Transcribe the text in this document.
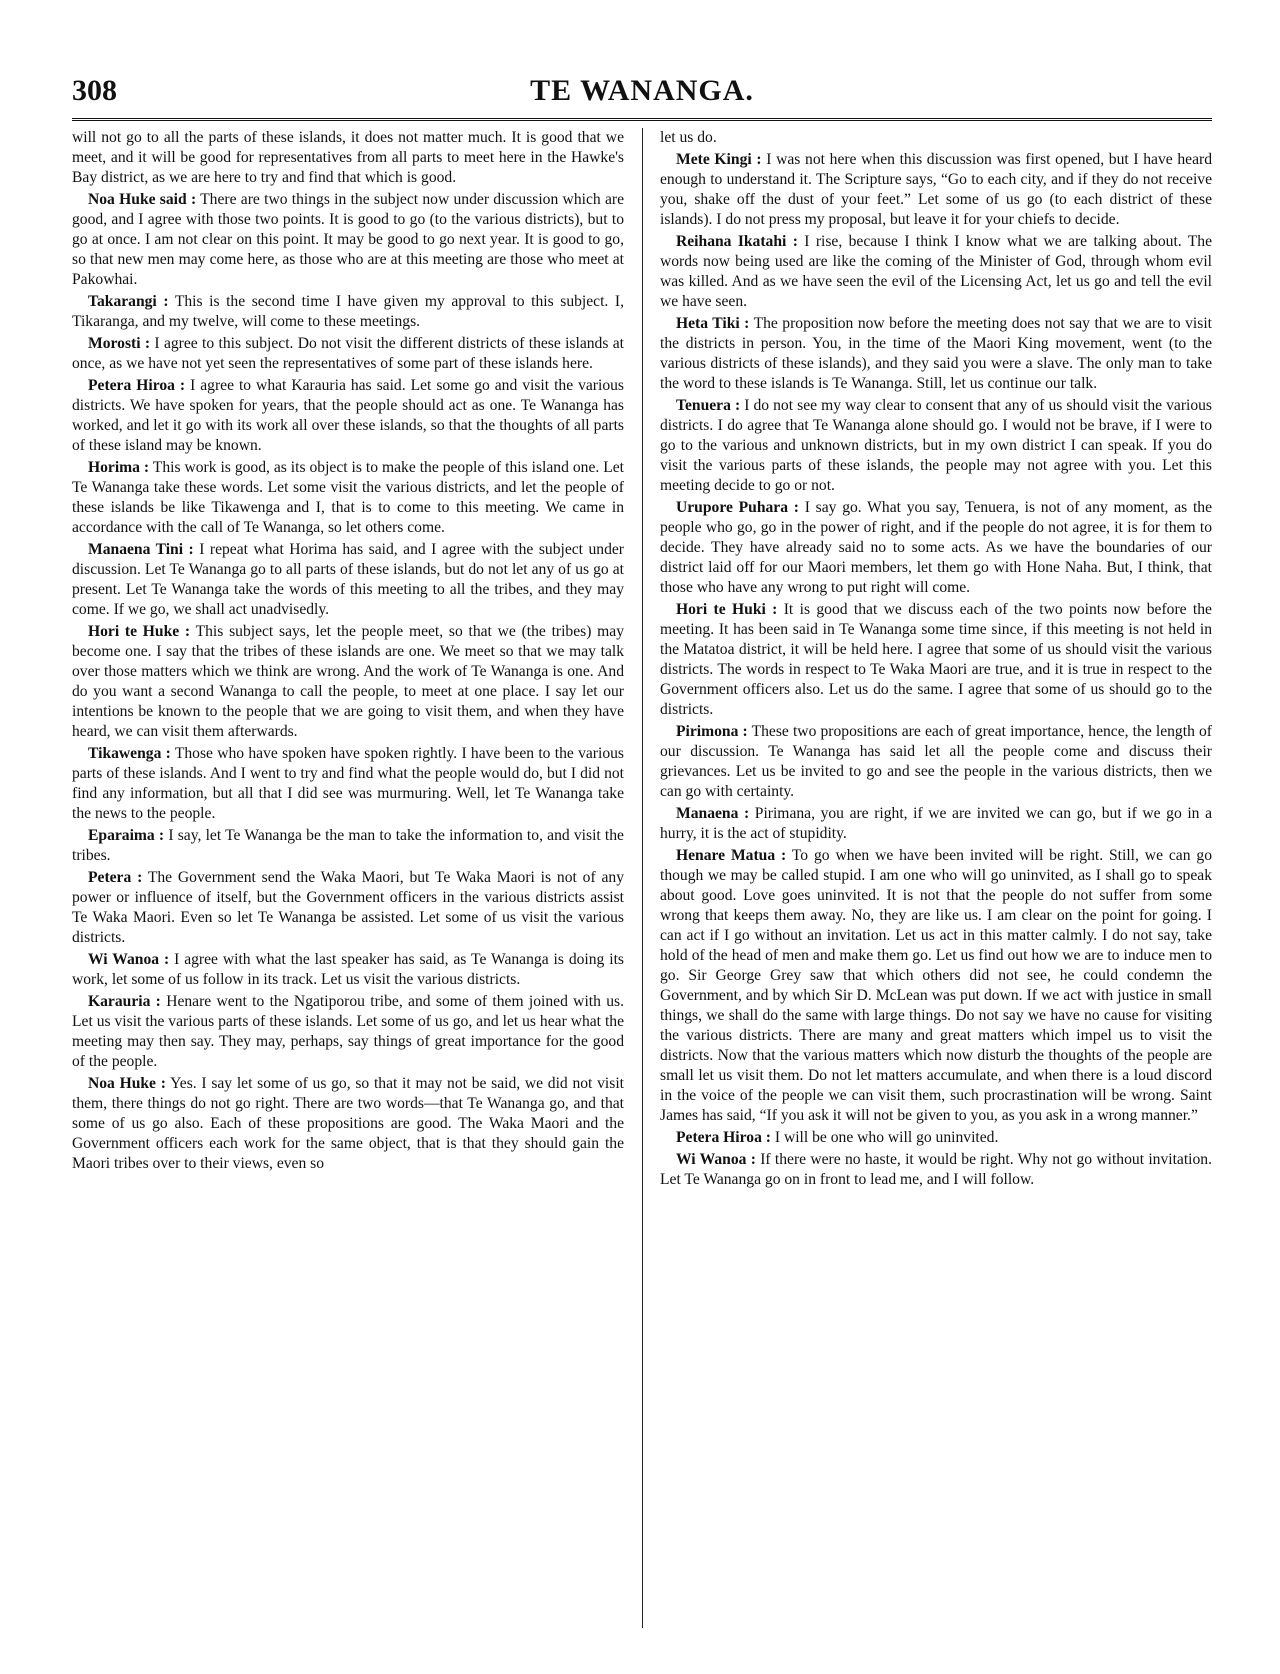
308	TE WANANGA.

will not go to all the parts of these islands, it does not matter much. It is good that we meet, and it will be good for representatives from all parts to meet here in the Hawke's Bay district, as we are here to try and find that which is good.

Noa Huke said : There are two things in the subject now under discussion which are good, and I agree with those two points. It is good to go (to the various districts), but to go at once. I am not clear on this point. It may be good to go next year. It is good to go, so that new men may come here, as those who are at this meeting are those who meet at Pakowhai.

Takarangi : This is the second time I have given my approval to this subject. I, Tikaranga, and my twelve, will come to these meetings.

Morosti : I agree to this subject. Do not visit the different districts of these islands at once, as we have not yet seen the representatives of some part of these islands here.

Petera Hiroa : I agree to what Karauria has said. Let some go and visit the various districts. We have spoken for years, that the people should act as one. Te Wananga has worked, and let it go with its work all over these islands, so that the thoughts of all parts of these island may be known.

Horima : This work is good, as its object is to make the people of this island one. Let Te Wananga take these words. Let some visit the various districts, and let the people of these islands be like Tikawenga and I, that is to come to this meeting. We came in accordance with the call of Te Wananga, so let others come.

Manaena Tini : I repeat what Horima has said, and I agree with the subject under discussion. Let Te Wananga go to all parts of these islands, but do not let any of us go at present. Let Te Wananga take the words of this meeting to all the tribes, and they may come. If we go, we shall act unadvisedly.

Hori te Huke : This subject says, let the people meet, so that we (the tribes) may become one. I say that the tribes of these islands are one. We meet so that we may talk over those matters which we think are wrong. And the work of Te Wananga is one. And do you want a second Wananga to call the people, to meet at one place. I say let our intentions be known to the people that we are going to visit them, and when they have heard, we can visit them afterwards.

Tikawenga : Those who have spoken have spoken rightly. I have been to the various parts of these islands. And I went to try and find what the people would do, but I did not find any information, but all that I did see was murmuring. Well, let Te Wananga take the news to the people.

Eparaima : I say, let Te Wananga be the man to take the information to, and visit the tribes.

Petera : The Government send the Waka Maori, but Te Waka Maori is not of any power or influence of itself, but the Government officers in the various districts assist Te Waka Maori. Even so let Te Wananga be assisted. Let some of us visit the various districts.

Wi Wanoa : I agree with what the last speaker has said, as Te Wananga is doing its work, let some of us follow in its track. Let us visit the various districts.

Karauria : Henare went to the Ngatiporou tribe, and some of them joined with us. Let us visit the various parts of these islands. Let some of us go, and let us hear what the meeting may then say. They may, perhaps, say things of great importance for the good of the people.

Noa Huke : Yes. I say let some of us go, so that it may not be said, we did not visit them, there things do not go right. There are two words—that Te Wananga go, and that some of us go also. Each of these propositions are good. The Waka Maori and the Government officers each work for the same object, that is that they should gain the Maori tribes over to their views, even so

let us do.

Mete Kingi : I was not here when this discussion was first opened, but I have heard enough to understand it. The Scripture says, “Go to each city, and if they do not receive you, shake off the dust of your feet.” Let some of us go (to each district of these islands). I do not press my proposal, but leave it for your chiefs to decide.

Reihana Ikatahi : I rise, because I think I know what we are talking about. The words now being used are like the coming of the Minister of God, through whom evil was killed. And as we have seen the evil of the Licensing Act, let us go and tell the evil we have seen.

Heta Tiki : The proposition now before the meeting does not say that we are to visit the districts in person. You, in the time of the Maori King movement, went (to the various districts of these islands), and they said you were a slave. The only man to take the word to these islands is Te Wananga. Still, let us continue our talk.

Tenuera : I do not see my way clear to consent that any of us should visit the various districts. I do agree that Te Wananga alone should go. I would not be brave, if I were to go to the various and unknown districts, but in my own district I can speak. If you do visit the various parts of these islands, the people may not agree with you. Let this meeting decide to go or not.

Urupore Puhara : I say go. What you say, Tenuera, is not of any moment, as the people who go, go in the power of right, and if the people do not agree, it is for them to decide. They have already said no to some acts. As we have the boundaries of our district laid off for our Maori members, let them go with Hone Naha. But, I think, that those who have any wrong to put right will come.

Hori te Huki : It is good that we discuss each of the two points now before the meeting. It has been said in Te Wananga some time since, if this meeting is not held in the Matatoa district, it will be held here. I agree that some of us should visit the various districts. The words in respect to Te Waka Maori are true, and it is true in respect to the Government officers also. Let us do the same. I agree that some of us should go to the districts.

Pirimona : These two propositions are each of great importance, hence, the length of our discussion. Te Wananga has said let all the people come and discuss their grievances. Let us be invited to go and see the people in the various districts, then we can go with certainty.

Manaena : Pirimana, you are right, if we are invited we can go, but if we go in a hurry, it is the act of stupidity.

Henare Matua : To go when we have been invited will be right. Still, we can go though we may be called stupid. I am one who will go uninvited, as I shall go to speak about good. Love goes uninvited. It is not that the people do not suffer from some wrong that keeps them away. No, they are like us. I am clear on the point for going. I can act if I go without an invitation. Let us act in this matter calmly. I do not say, take hold of the head of men and make them go. Let us find out how we are to induce men to go. Sir George Grey saw that which others did not see, he could condemn the Government, and by which Sir D. McLean was put down. If we act with justice in small things, we shall do the same with large things. Do not say we have no cause for visiting the various districts. There are many and great matters which impel us to visit the districts. Now that the various matters which now disturb the thoughts of the people are small let us visit them. Do not let matters accumulate, and when there is a loud discord in the voice of the people we can visit them, such procrastination will be wrong. Saint James has said, “If you ask it will not be given to you, as you ask in a wrong manner.”

Petera Hiroa : I will be one who will go uninvited.

Wi Wanoa : If there were no haste, it would be right. Why not go without invitation. Let Te Wananga go on in front to lead me, and I will follow.
